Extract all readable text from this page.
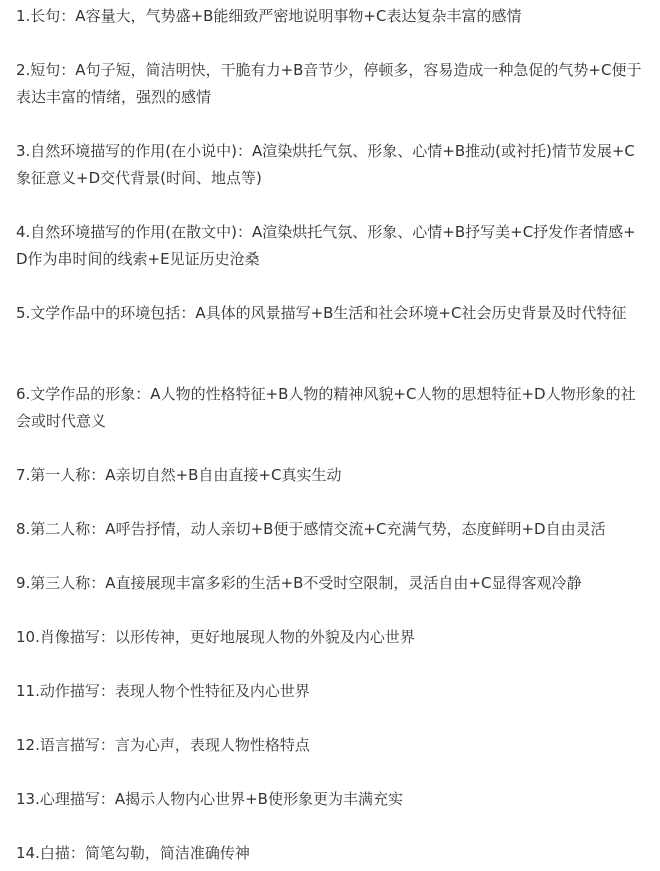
1.长句：A容量大，气势盛+B能细致严密地说明事物+C表达复杂丰富的感情

2.短句：A句子短，简洁明快，干脆有力+B音节少，停顿多，容易造成一种急促的气势+C便于表达丰富的情绪，强烈的感情

3.自然环境描写的作用(在小说中)：A渲染烘托气氛、形象、心情+B推动(或衬托)情节发展+C象征意义+D交代背景(时间、地点等)

4.自然环境描写的作用(在散文中)：A渲染烘托气氛、形象、心情+B抒写美+C抒发作者情感+D作为串时间的线索+E见证历史沧桑

5.文学作品中的环境包括：A具体的风景描写+B生活和社会环境+C社会历史背景及时代特征

6.文学作品的形象：A人物的性格特征+B人物的精神风貌+C人物的思想特征+D人物形象的社会或时代意义

7.第一人称：A亲切自然+B自由直接+C真实生动

8.第二人称：A呼告抒情，动人亲切+B便于感情交流+C充满气势，态度鲜明+D自由灵活

9.第三人称：A直接展现丰富多彩的生活+B不受时空限制，灵活自由+C显得客观冷静

10.肖像描写：以形传神，更好地展现人物的外貌及内心世界

11.动作描写：表现人物个性特征及内心世界

12.语言描写：言为心声，表现人物性格特点

13.心理描写：A揭示人物内心世界+B使形象更为丰满充实

14.白描：简笔勾勒，简洁准确传神
